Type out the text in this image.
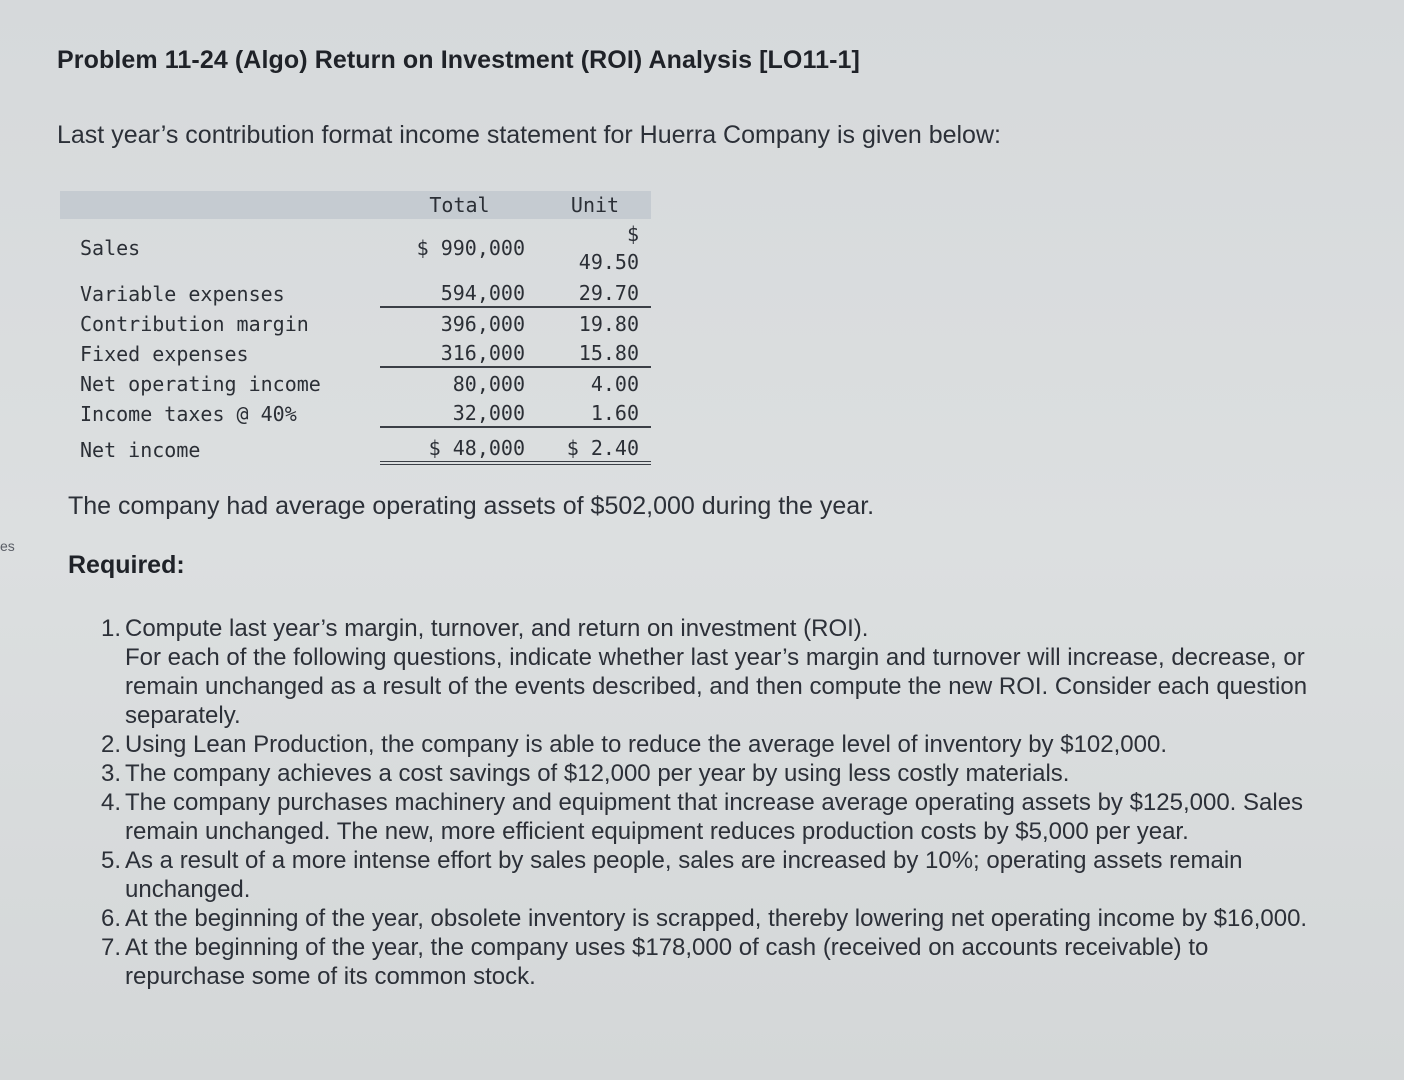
es
Problem 11-24 (Algo) Return on Investment (ROI) Analysis [LO11-1]
Last year’s contribution format income statement for Huerra Company is given below:
	Total	Unit
Sales	$ 990,000	$
49.50

Variable expenses	594,000	29.70
Contribution margin	396,000	19.80
Fixed expenses	316,000	15.80
Net operating income	80,000	4.00
Income taxes @ 40%	32,000	1.60
Net income	$ 48,000	$ 2.40
The company had average operating assets of $502,000 during the year.
Required:
1. Compute last year’s margin, turnover, and return on investment (ROI).
For each of the following questions, indicate whether last year’s margin and turnover will increase, decrease, or remain unchanged as a result of the events described, and then compute the new ROI. Consider each question separately.
2. Using Lean Production, the company is able to reduce the average level of inventory by $102,000.
3. The company achieves a cost savings of $12,000 per year by using less costly materials.
4. The company purchases machinery and equipment that increase average operating assets by $125,000. Sales remain unchanged. The new, more efficient equipment reduces production costs by $5,000 per year.
5. As a result of a more intense effort by sales people, sales are increased by 10%; operating assets remain unchanged.
6. At the beginning of the year, obsolete inventory is scrapped, thereby lowering net operating income by $16,000.
7. At the beginning of the year, the company uses $178,000 of cash (received on accounts receivable) to repurchase some of its common stock.
